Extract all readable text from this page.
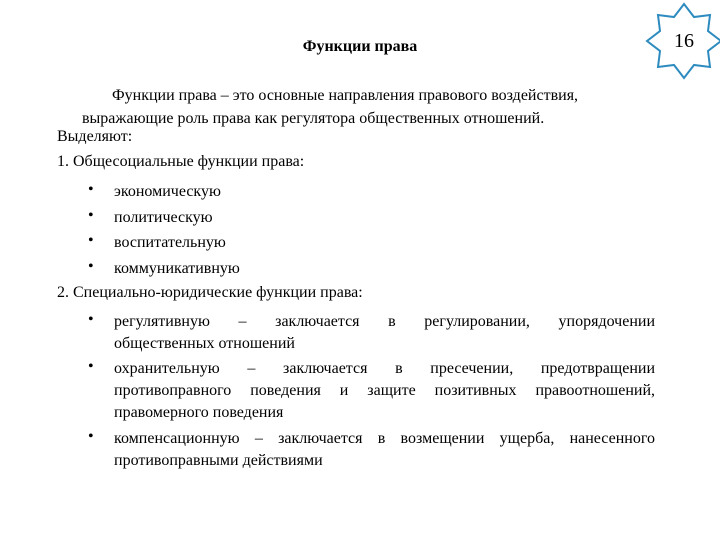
16
Функции права
Функции права – это основные направления правового воздействия,
выражающие роль права как регулятора общественных отношений.
Выделяют:
1. Общесоциальные функции права:
• экономическую
• политическую
• воспитательную
• коммуникативную
2. Специально-юридические функции права:
• регулятивную – заключается в регулировании, упорядочении
общественных отношений
• охранительную – заключается в пресечении, предотвращении
противоправного поведения и защите позитивных правоотношений,
правомерного поведения
• компенсационную – заключается в возмещении ущерба, нанесенного
противоправными действиями
